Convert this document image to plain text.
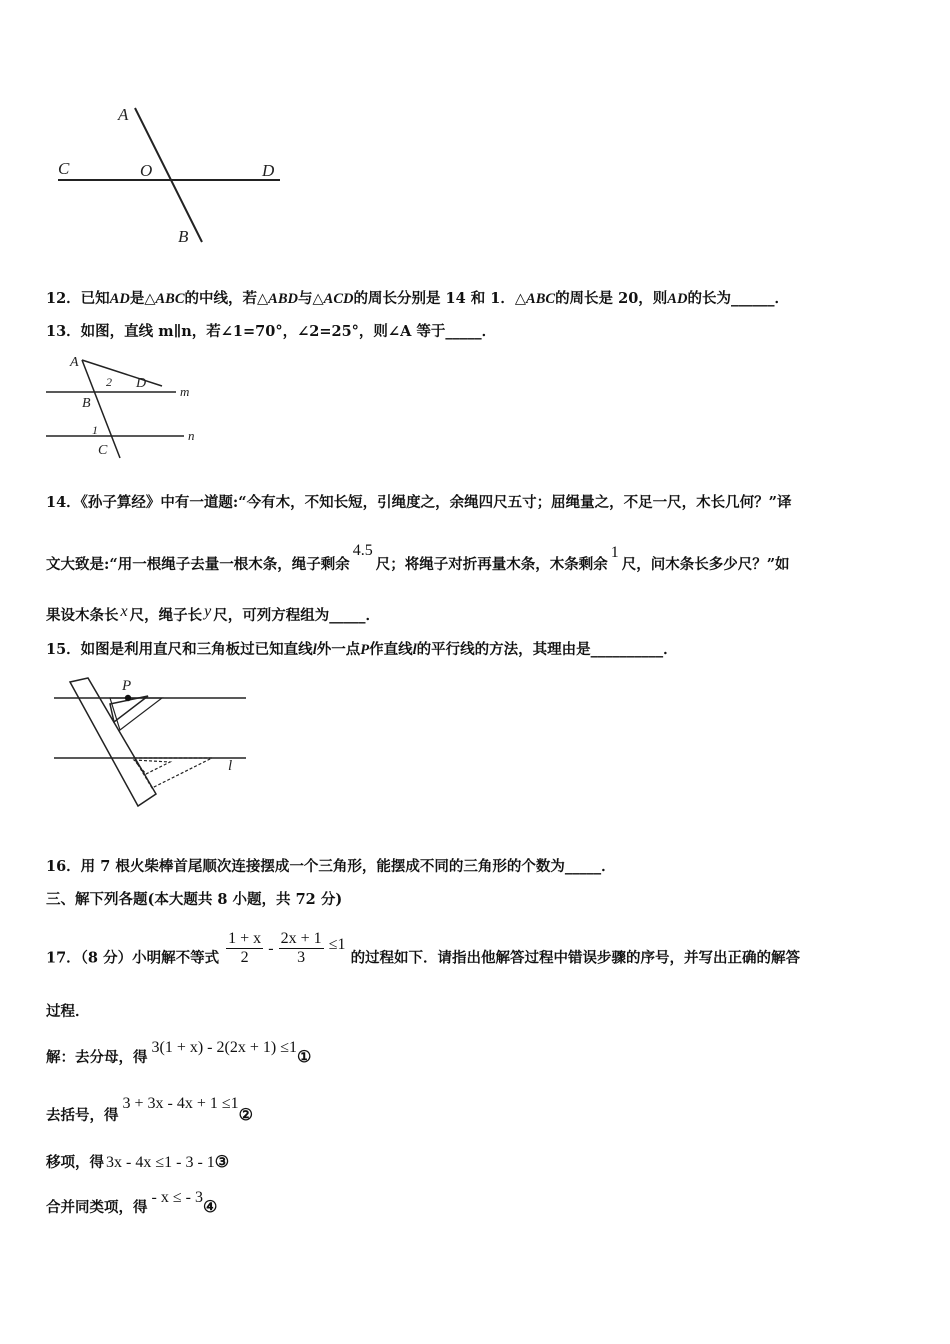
A
C	O	D
B
12．已知AD是△ABC的中线，若△ABD与△ACD的周长分别是 14 和 1．△ABC的周长是 20，则AD的长为______．
13．如图，直线 m∥n，若∠1=70°，∠2=25°，则∠A 等于_____．
A
2 D
m
B
1	n
C
14．《孙子算经》中有一道题:“今有木，不知长短，引绳度之，余绳四尺五寸；屈绳量之，不足一尺，木长几何？”译
文大致是:“用一根绳子去量一根木条，绳子剩余4.5尺；将绳子对折再量木条，木条剩余1尺，问木条长多少尺？”如
果设木条长 x 尺，绳子长 y 尺，可列方程组为_____．
15．如图是利用直尺和三角板过已知直线l外一点P作直线l的平行线的方法，其理由是__________．
P
l
16．用 7 根火柴棒首尾顺次连接摆成一个三角形，能摆成不同的三角形的个数为_____．
三、解下列各题(本大题共 8 小题，共 72 分)
17．（8 分）小明解不等式 $\frac{1 + x}{2} - \frac{2x + 1}{3} \le 1$ 的过程如下．请指出他解答过程中错误步骤的序号，并写出正确的解答
过程．
解：去分母，得3(1 + x) - 2(2x + 1) ≤1①
去括号，得3 + 3x - 4x + 1 ≤1②
移项，得 3x - 4x ≤1 - 3 - 1③
合并同类项，得- x ≤ - 3④
